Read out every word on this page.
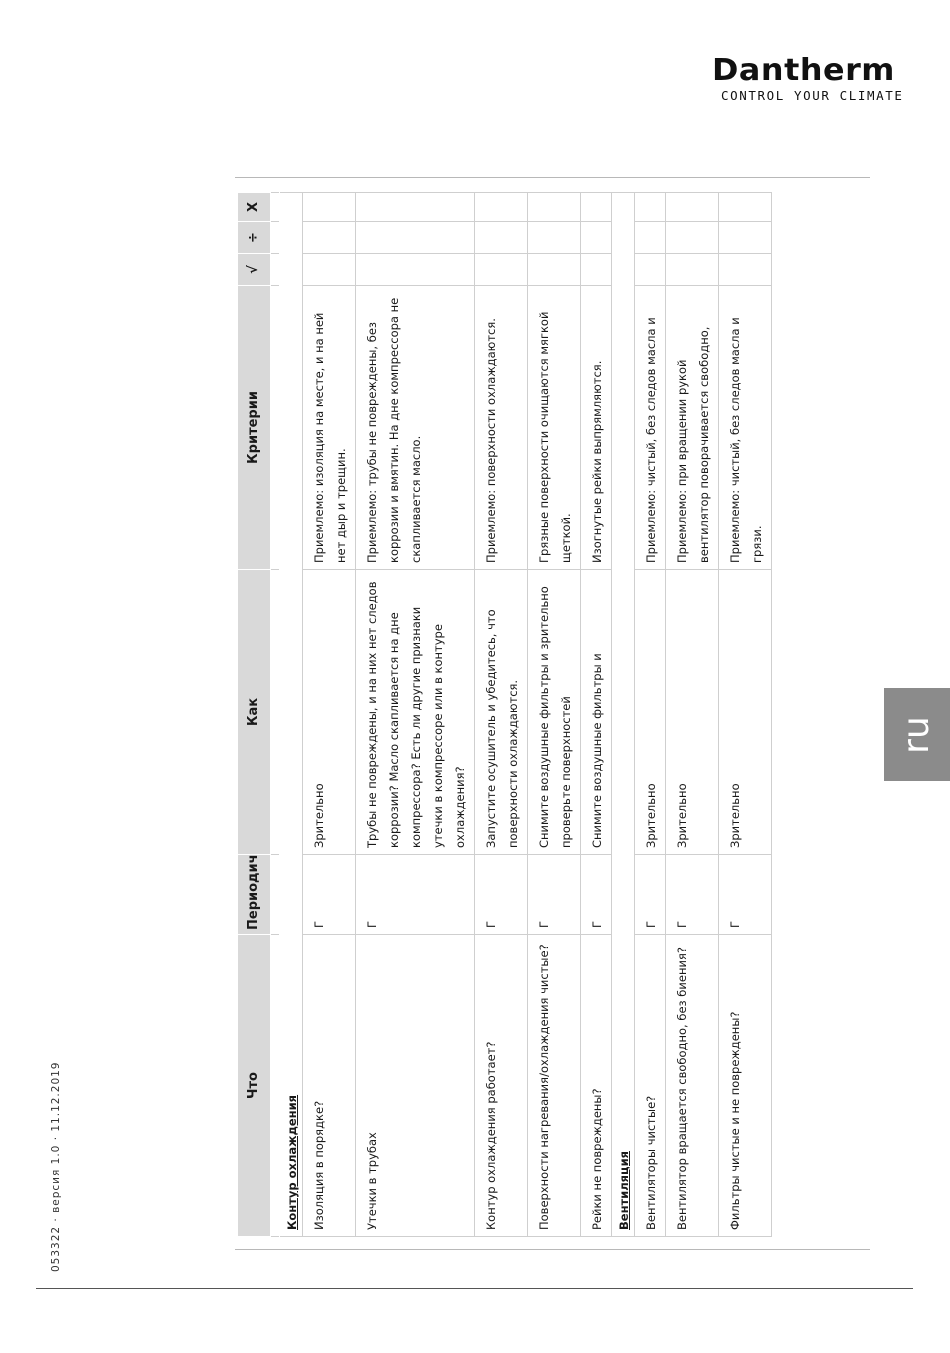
Dantherm
CONTROL YOUR CLIMATE
053322 · версия 1.0 · 11.12.2019
ru
Что	Периодич	Как	Критерии	√	÷	X

Контур охлаждения						
Изоляция в порядке?	Г	Зрительно	Приемлемо: изоляция на месте, и на ней нет дыр и трещин.			
Утечки в трубах	Г	Трубы не повреждены, и на них нет следов коррозии? Масло скапливается на дне компрессора? Есть ли другие признаки утечки в компрессоре или в контуре охлаждения?	Приемлемо: трубы не повреждены, без коррозии и вмятин. На дне компрессора не скапливается масло.			
Контур охлаждения работает?	Г	Запустите осушитель и убедитесь, что поверхности охлаждаются.	Приемлемо: поверхности охлаждаются.			
Поверхности нагревания/охлаждения чистые?	Г	Снимите воздушные фильтры и зрительно проверьте поверхностей	Грязные поверхности очищаются мягкой щеткой.			
Рейки не повреждены?	Г	Снимите воздушные фильтры и	Изогнутые рейки выпрямляются.			
Вентиляция						
Вентиляторы чистые?	Г	Зрительно	Приемлемо: чистый, без следов масла и			
Вентилятор вращается свободно, без биения?	Г	Зрительно	Приемлемо: при вращении рукой вентилятор поворачивается свободно,			
Фильтры чистые и не повреждены?	Г	Зрительно	Приемлемо: чистый, без следов масла и грязи.			
